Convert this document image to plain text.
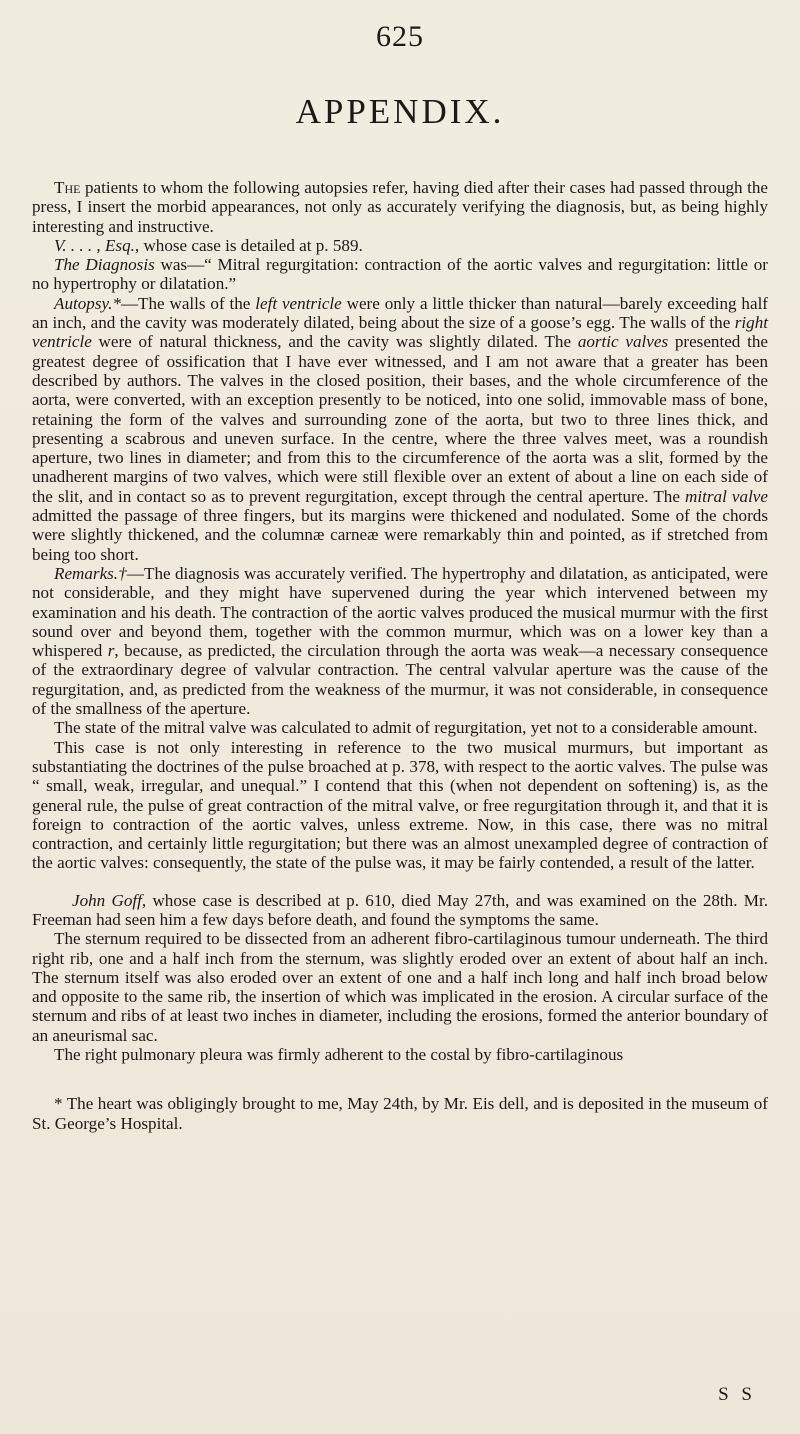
625
APPENDIX.

The patients to whom the following autopsies refer, having died after their cases had passed through the press, I insert the morbid appearances, not only as accurately verifying the diagnosis, but, as being highly interesting and instructive.

V. . . . , Esq., whose case is detailed at p. 589.

The Diagnosis was—“ Mitral regurgitation: contraction of the aortic valves and regurgitation: little or no hypertrophy or dilatation.”

Autopsy.*—The walls of the left ventricle were only a little thicker than natural—barely exceeding half an inch, and the cavity was moderately dilated, being about the size of a goose’s egg. The walls of the right ventricle were of natural thickness, and the cavity was slightly dilated. The aortic valves presented the greatest degree of ossification that I have ever witnessed, and I am not aware that a greater has been described by authors. The valves in the closed position, their bases, and the whole circumference of the aorta, were converted, with an exception presently to be noticed, into one solid, immovable mass of bone, retaining the form of the valves and surrounding zone of the aorta, but two to three lines thick, and presenting a scabrous and uneven surface. In the centre, where the three valves meet, was a roundish aperture, two lines in diameter; and from this to the circumference of the aorta was a slit, formed by the unadherent margins of two valves, which were still flexible over an extent of about a line on each side of the slit, and in contact so as to prevent regurgitation, except through the central aperture. The mitral valve admitted the passage of three fingers, but its margins were thickened and nodulated. Some of the chords were slightly thickened, and the columnæ carneæ were remarkably thin and pointed, as if stretched from being too short.

Remarks.†—The diagnosis was accurately verified. The hypertrophy and dilatation, as anticipated, were not considerable, and they might have supervened during the year which intervened between my examination and his death. The contraction of the aortic valves produced the musical murmur with the first sound over and beyond them, together with the common murmur, which was on a lower key than a whispered r, because, as predicted, the circulation through the aorta was weak—a necessary consequence of the extraordinary degree of valvular contraction. The central valvular aperture was the cause of the regurgitation, and, as predicted from the weakness of the murmur, it was not considerable, in consequence of the smallness of the aperture.

The state of the mitral valve was calculated to admit of regurgitation, yet not to a considerable amount.

This case is not only interesting in reference to the two musical murmurs, but important as substantiating the doctrines of the pulse broached at p. 378, with respect to the aortic valves. The pulse was “ small, weak, irregular, and unequal.” I contend that this (when not dependent on softening) is, as the general rule, the pulse of great contraction of the mitral valve, or free regurgitation through it, and that it is foreign to contraction of the aortic valves, unless extreme. Now, in this case, there was no mitral contraction, and certainly little regurgitation; but there was an almost unexampled degree of contraction of the aortic valves: consequently, the state of the pulse was, it may be fairly contended, a result of the latter.

John Goff, whose case is described at p. 610, died May 27th, and was examined on the 28th. Mr. Freeman had seen him a few days before death, and found the symptoms the same.

The sternum required to be dissected from an adherent fibro-cartilaginous tumour underneath. The third right rib, one and a half inch from the sternum, was slightly eroded over an extent of about half an inch. The sternum itself was also eroded over an extent of one and a half inch long and half inch broad below and opposite to the same rib, the insertion of which was implicated in the erosion. A circular surface of the sternum and ribs of at least two inches in diameter, including the erosions, formed the anterior boundary of an aneurismal sac.

The right pulmonary pleura was firmly adherent to the costal by fibro-cartilaginous

* The heart was obligingly brought to me, May 24th, by Mr. Eis dell, and is deposited in the museum of St. George’s Hospital.

S S
